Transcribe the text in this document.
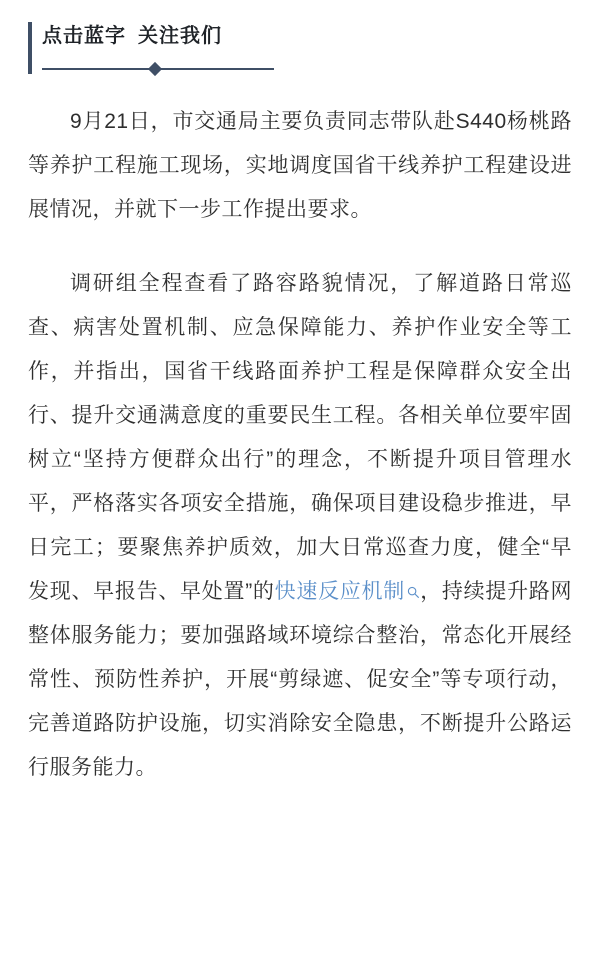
点击蓝字 关注我们

9月21日，市交通局主要负责同志带队赴S440杨桃路等养护工程施工现场，实地调度国省干线养护工程建设进展情况，并就下一步工作提出要求。

调研组全程查看了路容路貌情况，了解道路日常巡查、病害处置机制、应急保障能力、养护作业安全等工作，并指出，国省干线路面养护工程是保障群众安全出行、提升交通满意度的重要民生工程。各相关单位要牢固树立“坚持方便群众出行”的理念，不断提升项目管理水平，严格落实各项安全措施，确保项目建设稳步推进，早日完工；要聚焦养护质效，加大日常巡查力度，健全“早发现、早报告、早处置”的快速反应机制 ，持续提升路网整体服务能力；要加强路域环境综合整治，常态化开展经常性、预防性养护，开展“剪绿遮、促安全”等专项行动，完善道路防护设施，切实消除安全隐患，不断提升公路运行服务能力。
